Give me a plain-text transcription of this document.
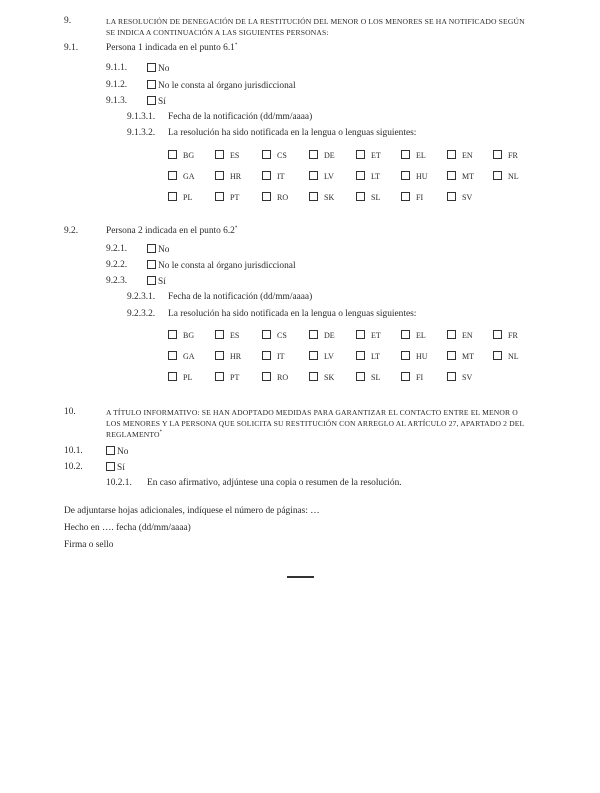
9.	LA RESOLUCIÓN DE DENEGACIÓN DE LA RESTITUCIÓN DEL MENOR O LOS MENORES SE HA NOTIFICADO SEGÚN
SE INDICA A CONTINUACIÓN A LAS SIGUIENTES PERSONAS:
9.1.	Persona 1 indicada en el punto 6.1*
9.1.1.	No
9.1.2.	No le consta al órgano jurisdiccional
9.1.3.	Sí
9.1.3.1. Fecha de la notificación (dd/mm/aaaa)
9.1.3.2. La resolución ha sido notificada en la lengua o lenguas siguientes:
9.2.	Persona 2 indicada en el punto 6.2*
9.2.1.	No
9.2.2.	No le consta al órgano jurisdiccional
9.2.3.	Sí
9.2.3.1. Fecha de la notificación (dd/mm/aaaa)
9.2.3.2. La resolución ha sido notificada en la lengua o lenguas siguientes:
10.	A TÍTULO INFORMATIVO: SE HAN ADOPTADO MEDIDAS PARA GARANTIZAR EL CONTACTO ENTRE EL MENOR O
LOS MENORES Y LA PERSONA QUE SOLICITA SU RESTITUCIÓN CON ARREGLO AL ARTÍCULO 27, APARTADO 2 DEL
REGLAMENTO*
10.1.	No
10.2.	Sí
10.2.1. En caso afirmativo, adjúntese una copia o resumen de la resolución.
De adjuntarse hojas adicionales, indíquese el número de páginas: …
Hecho en …. fecha (dd/mm/aaaa)
Firma o sello
BG	ES	CS	DE	ET	EL	EN	FR
GA	HR	IT	LV	LT	HU	MT	NL
PL	PT	RO	SK	SL	FI	SV
BG	ES	CS	DE	ET	EL	EN	FR
GA	HR	IT	LV	LT	HU	MT	NL
PL	PT	RO	SK	SL	FI	SV
